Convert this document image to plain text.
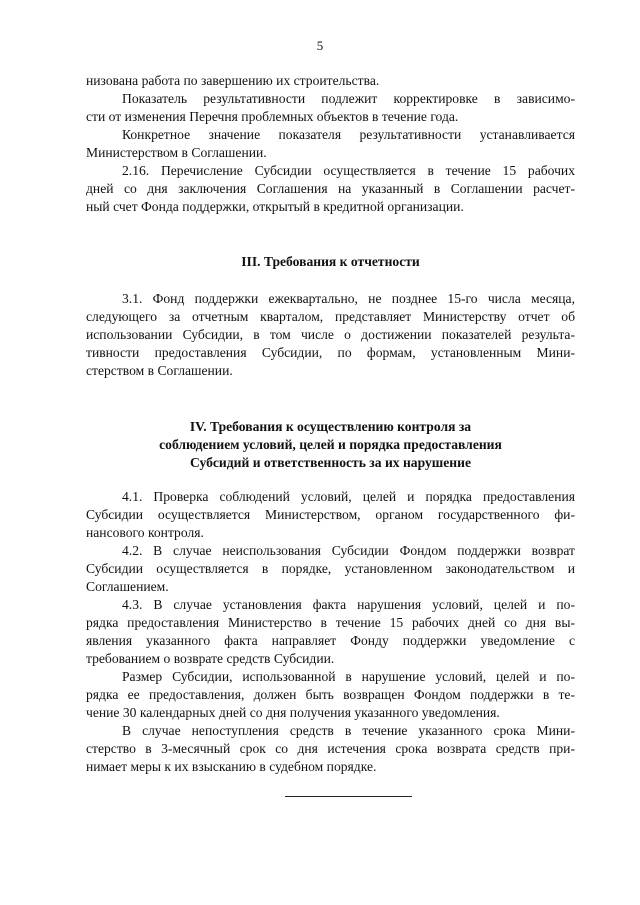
5
низована работа по завершению их строительства.
Показатель результативности подлежит корректировке в зависимо-
сти от изменения Перечня проблемных объектов в течение года.
Конкретное значение показателя результативности устанавливается
Министерством в Соглашении.
2.16. Перечисление Субсидии осуществляется в течение 15 рабочих
дней со дня заключения Соглашения на указанный в Соглашении расчет-
ный счет Фонда поддержки, открытый в кредитной организации.
III. Требования к отчетности
3.1. Фонд поддержки ежеквартально, не позднее 15-го числа месяца,
следующего за отчетным кварталом, представляет Министерству отчет об
использовании Субсидии, в том числе о достижении показателей результа-
тивности предоставления Субсидии, по формам, установленным Мини-
стерством в Соглашении.
IV. Требования к осуществлению контроля за
соблюдением условий, целей и порядка предоставления
Субсидий и ответственность за их нарушение
4.1. Проверка соблюдений условий, целей и порядка предоставления
Субсидии осуществляется Министерством, органом государственного фи-
нансового контроля.
4.2. В случае неиспользования Субсидии Фондом поддержки возврат
Субсидии осуществляется в порядке, установленном законодательством и
Соглашением.
4.3. В случае установления факта нарушения условий, целей и по-
рядка предоставления Министерство в течение 15 рабочих дней со дня вы-
явления указанного факта направляет Фонду поддержки уведомление с
требованием о возврате средств Субсидии.
Размер Субсидии, использованной в нарушение условий, целей и по-
рядка ее предоставления, должен быть возвращен Фондом поддержки в те-
чение 30 календарных дней со дня получения указанного уведомления.
В случае непоступления средств в течение указанного срока Мини-
стерство в 3-месячный срок со дня истечения срока возврата средств при-
нимает меры к их взысканию в судебном порядке.
